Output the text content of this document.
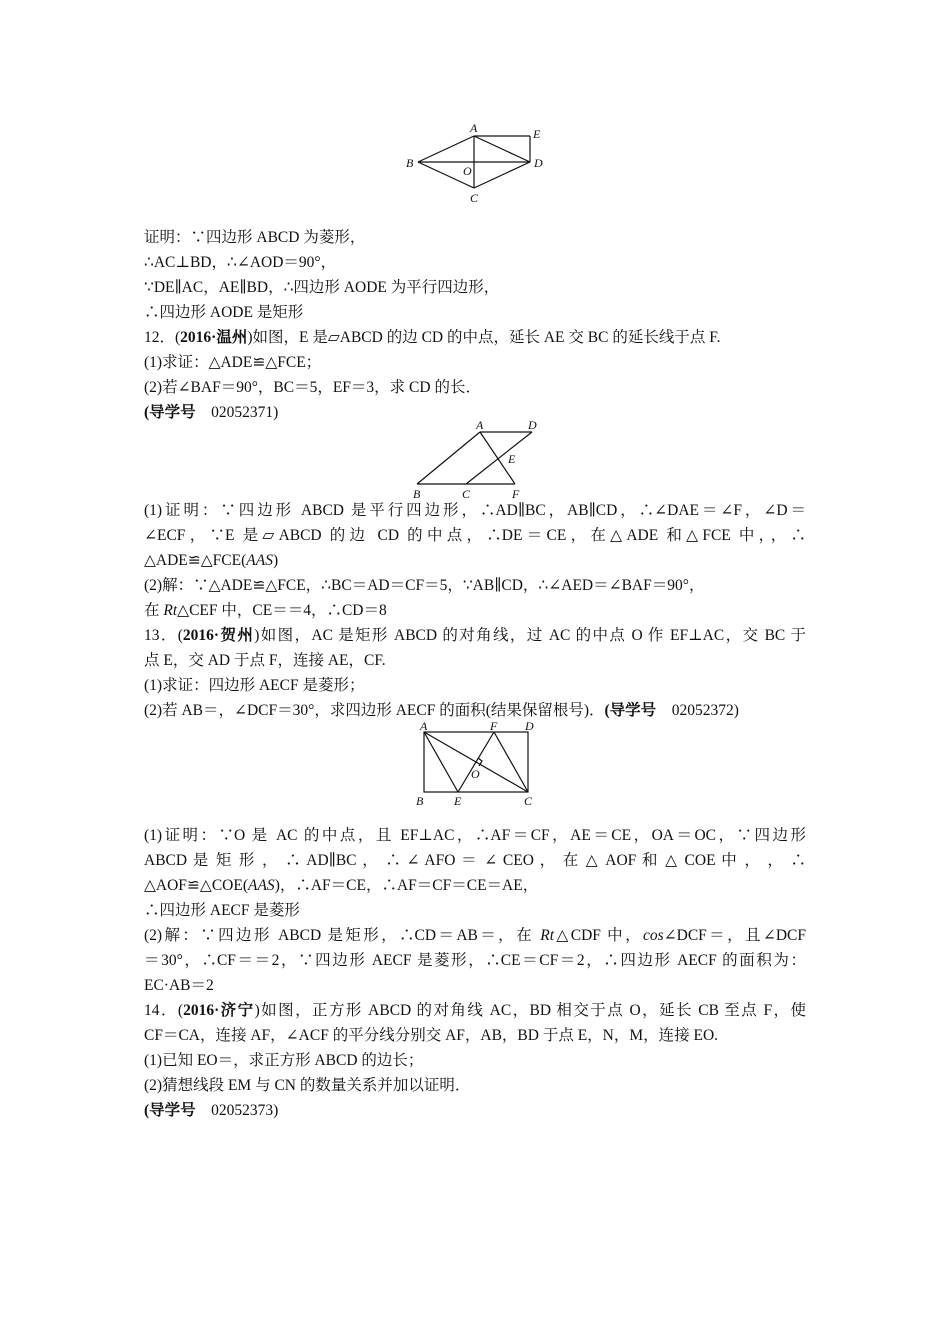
A	E
B
O
D
C
证明：∵四边形 ABCD 为菱形，
∴AC⊥BD，∴∠AOD＝90°，
∵DE∥AC，AE∥BD，∴四边形 AODE 为平行四边形，
∴四边形 AODE 是矩形
12．(2016·温州)如图，E 是▱ABCD 的边 CD 的中点，延长 AE 交 BC 的延长线于点 F.
(1)求证：△ADE≌△FCE；
(2)若∠BAF＝90°，BC＝5，EF＝3，求 CD 的长．
(导学号 02052371)
A	D
E
B	C	F
(1)证明：∵四边形 ABCD 是平行四边形，∴AD∥BC，AB∥CD，∴∠DAE＝∠F，∠D＝
∠ECF，∵E 是▱ABCD 的边 CD 的中点，∴DE＝CE，在△ADE 和△FCE 中，，∴
△ADE≌△FCE(AAS)
(2)解：∵△ADE≌△FCE，∴BC＝AD＝CF＝5，∵AB∥CD，∴∠AED＝∠BAF＝90°，
在 Rt△CEF 中，CE＝＝4，∴CD＝8
13．(2016·贺州)如图，AC 是矩形 ABCD 的对角线，过 AC 的中点 O 作 EF⊥AC，交 BC 于
点 E，交 AD 于点 F，连接 AE，CF.
(1)求证：四边形 AECF 是菱形；
(2)若 AB＝，∠DCF＝30°，求四边形 AECF 的面积(结果保留根号)．(导学号 02052372)
A	F D
O
B	E	C
(1)证明：∵O 是 AC 的中点，且 EF⊥AC，∴AF＝CF，AE＝CE，OA＝OC，∵四边形
ABCD 是 矩 形 ， ∴ AD∥BC ， ∴ ∠ AFO ＝ ∠ CEO ， 在 △ AOF 和 △ COE 中 ， ， ∴
△AOF≌△COE(AAS)，∴AF＝CE，∴AF＝CF＝CE＝AE，
∴四边形 AECF 是菱形
(2)解：∵四边形 ABCD 是矩形，∴CD＝AB＝，在 Rt△CDF 中，cos∠DCF＝，且∠DCF
＝30°，∴CF＝＝2，∵四边形 AECF 是菱形，∴CE＝CF＝2，∴四边形 AECF 的面积为：
EC·AB＝2
14．(2016·济宁)如图，正方形 ABCD 的对角线 AC，BD 相交于点 O，延长 CB 至点 F，使
CF＝CA，连接 AF，∠ACF 的平分线分别交 AF，AB，BD 于点 E，N，M，连接 EO.
(1)已知 EO＝，求正方形 ABCD 的边长；
(2)猜想线段 EM 与 CN 的数量关系并加以证明．
(导学号 02052373)
